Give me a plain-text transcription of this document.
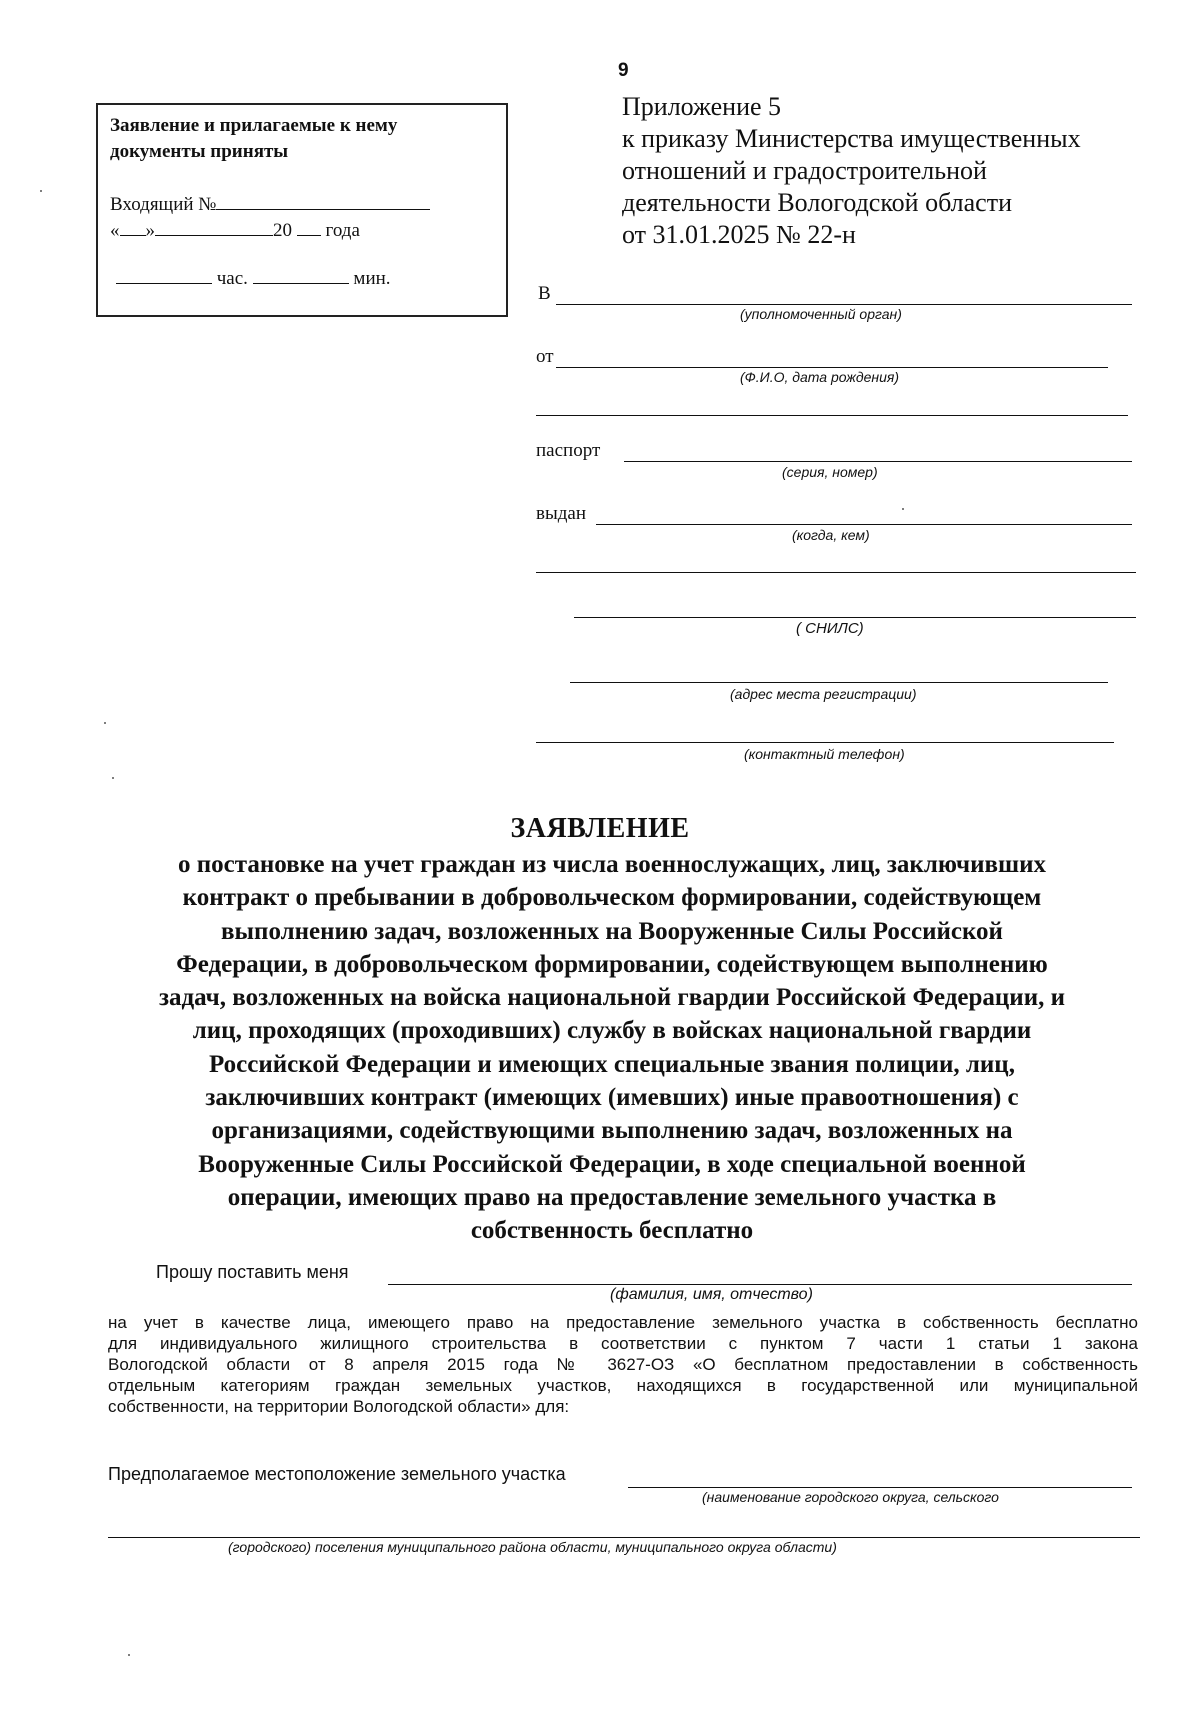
9
Приложение 5
к приказу Министерства имущественных
отношений и градостроительной
деятельности Вологодской области
от 31.01.2025 № 22-н
Заявление и прилагаемые к нему
документы приняты
Входящий №
« »	20 года
час.	мин.
В
(уполномоченный орган)
от
(Ф.И.О, дата рождения)
паспорт
(серия, номер)
выдан
(когда, кем)
( СНИЛС)
(адрес места регистрации)
(контактный телефон)
ЗАЯВЛЕНИЕ
о постановке на учет граждан из числа военнослужащих, лиц, заключивших
контракт о пребывании в добровольческом формировании, содействующем
выполнению задач, возложенных на Вооруженные Силы Российской
Федерации, в добровольческом формировании, содействующем выполнению
задач, возложенных на войска национальной гвардии Российской Федерации, и
лиц, проходящих (проходивших) службу в войсках национальной гвардии
Российской Федерации и имеющих специальные звания полиции, лиц,
заключивших контракт (имеющих (имевших) иные правоотношения) с
организациями, содействующими выполнению задач, возложенных на
Вооруженные Силы Российской Федерации, в ходе специальной военной
операции, имеющих право на предоставление земельного участка в
собственность бесплатно
Прошу поставить меня
(фамилия, имя, отчество)
на учет в качестве лица, имеющего право на предоставление земельного участка в собственность бесплатно
для индивидуального жилищного строительства в соответствии с пунктом 7 части 1 статьи 1 закона
Вологодской области от 8 апреля 2015 года № 3627-ОЗ «О бесплатном предоставлении в собственность
отдельным категориям граждан земельных участков, находящихся в государственной или муниципальной
собственности, на территории Вологодской области» для:
Предполагаемое местоположение земельного участка
(наименование городского округа, сельского
(городского) поселения муниципального района области, муниципального округа области)
